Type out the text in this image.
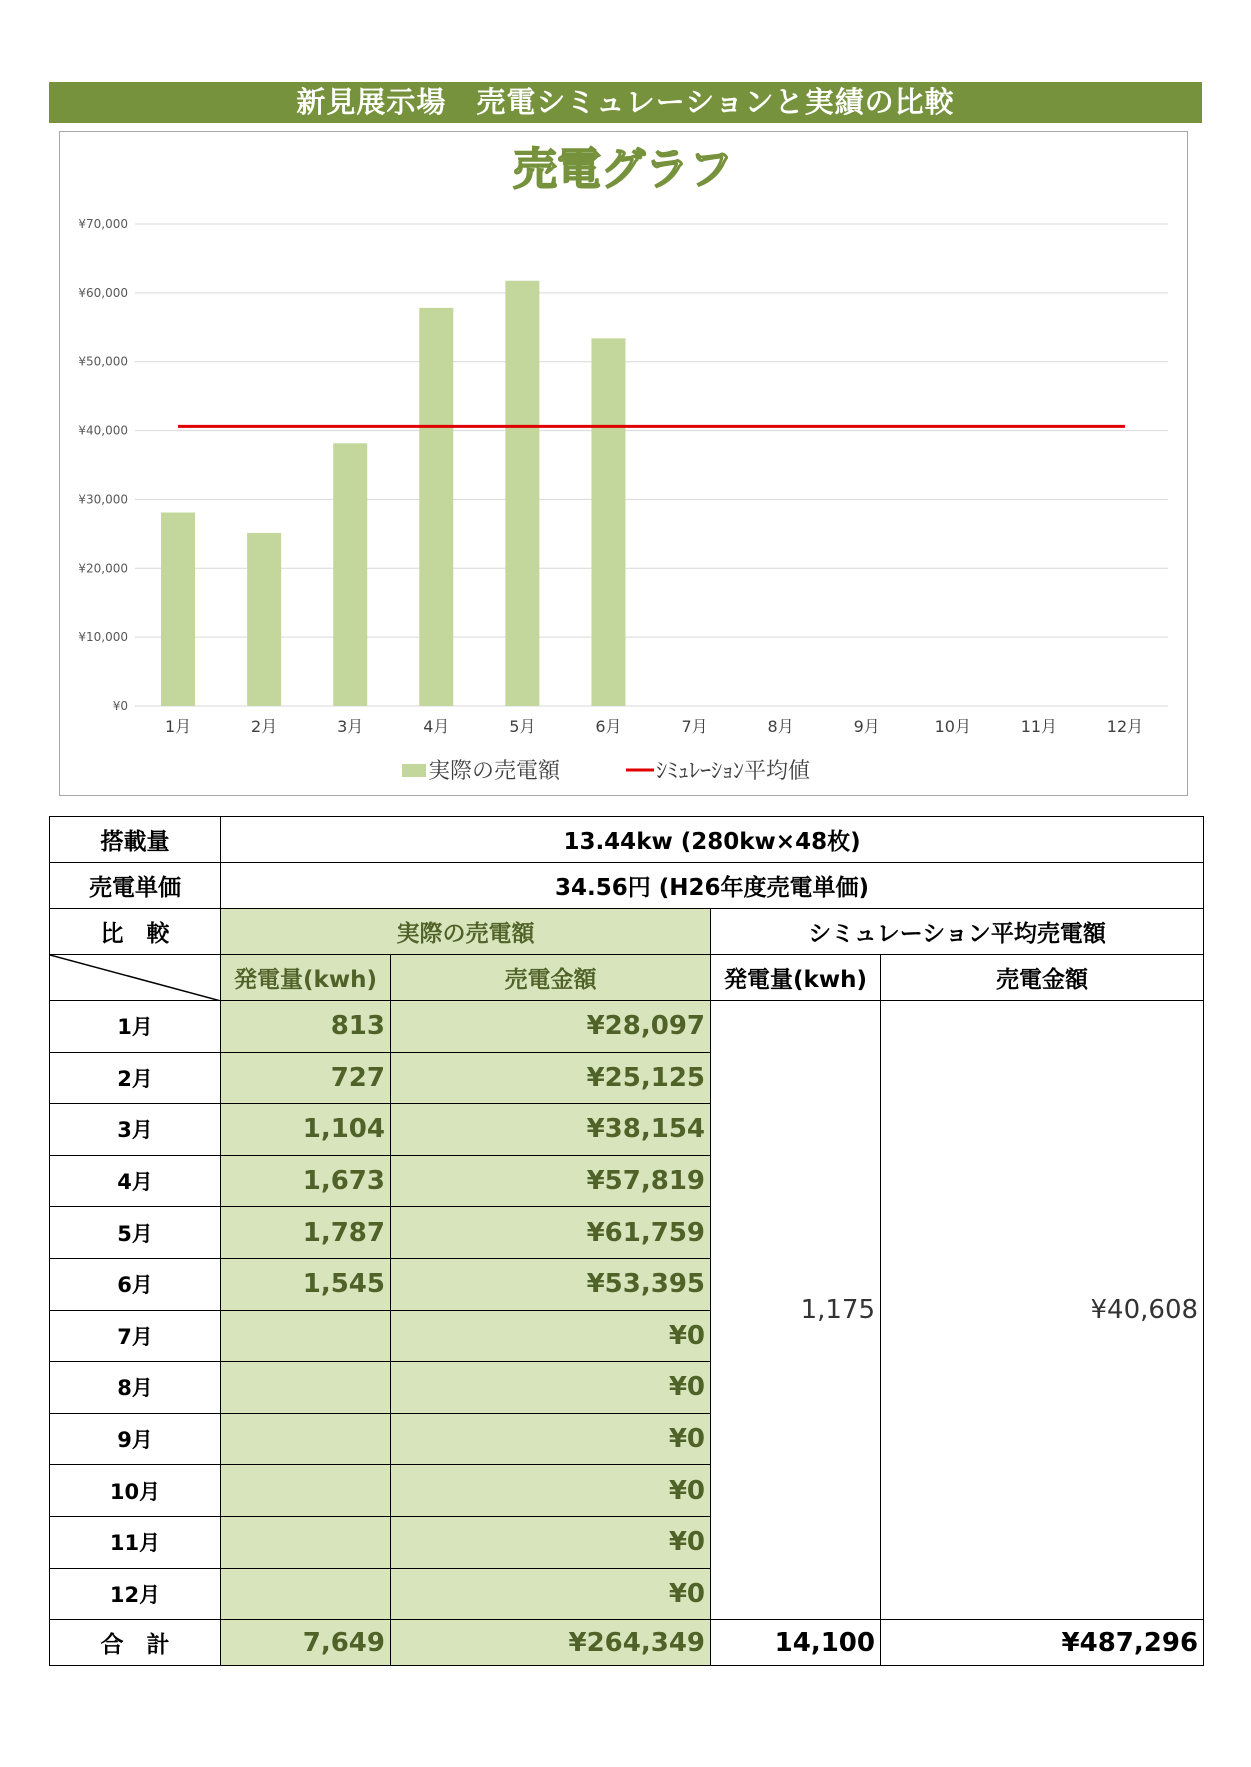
新見展示場　売電シミュレーションと実績の比較
売電グラフ
¥70,000
¥60,000
¥50,000
¥40,000
¥30,000
¥20,000
¥10,000
¥0
1月	2月	3月	4月	5月	6月	7月	8月	9月	10月	11月	12月
実際の売電額	ｼﾐｭﾚｰｼｮﾝ平均値
搭載量	13.44kw (280kw×48枚)			
売電単価	34.56円 (H26年度売電単価)			
比　較	実際の売電額		シミュレーション平均売電額	

	発電量(kwh)	売電金額	発電量(kwh)	売電金額
1月	813	¥28,097	1,175	¥40,608
2月	727	¥25,125		
3月	1,104	¥38,154		
4月	1,673	¥57,819		
5月	1,787	¥61,759		
6月	1,545	¥53,395		
7月		¥0		
8月		¥0		
9月		¥0		
10月		¥0		
11月		¥0		
12月		¥0		
合　計	7,649	¥264,349	14,100	¥487,296
